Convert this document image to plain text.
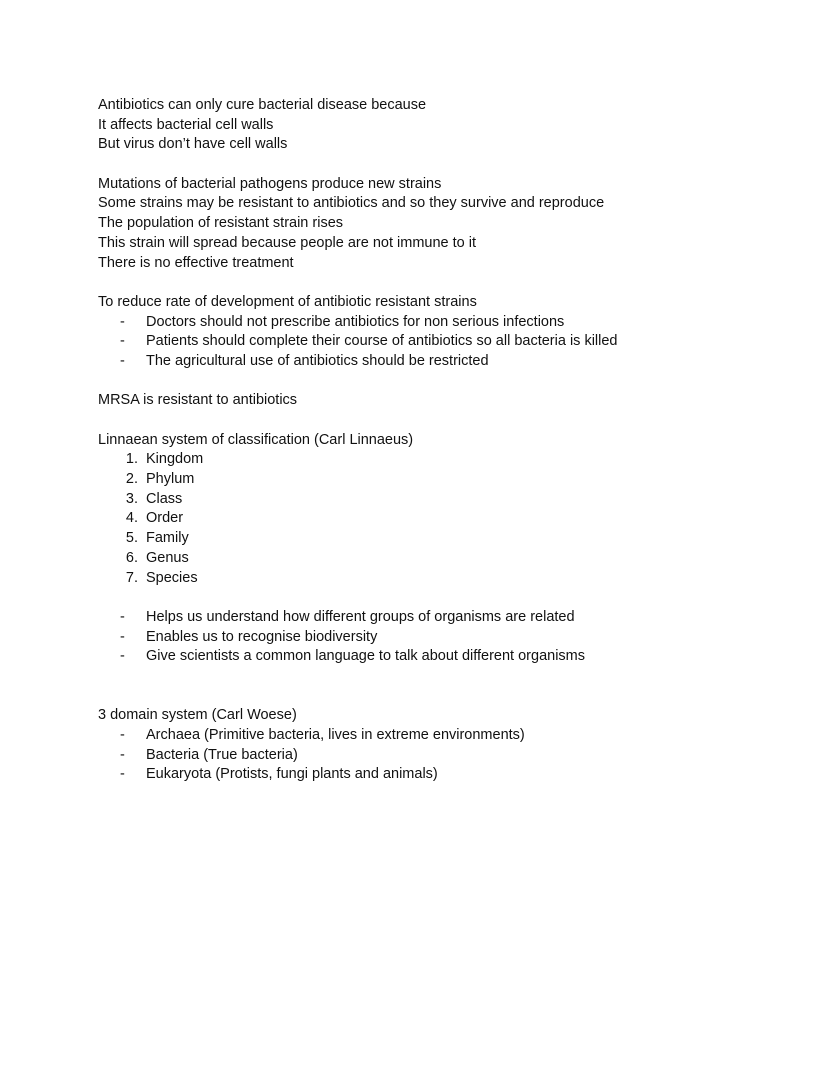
Antibiotics can only cure bacterial disease because
It affects bacterial cell walls
But virus don’t have cell walls
Mutations of bacterial pathogens produce new strains
Some strains may be resistant to antibiotics and so they survive and reproduce
The population of resistant strain rises
This strain will spread because people are not immune to it
There is no effective treatment
To reduce rate of development of antibiotic resistant strains
-	Doctors should not prescribe antibiotics for non serious infections
-	Patients should complete their course of antibiotics so all bacteria is killed
-	The agricultural use of antibiotics should be restricted
MRSA is resistant to antibiotics
Linnaean system of classification (Carl Linnaeus)
1. Kingdom
2. Phylum
3. Class
4. Order
5. Family
6. Genus
7. Species
-	Helps us understand how different groups of organisms are related
-	Enables us to recognise biodiversity
-	Give scientists a common language to talk about different organisms
3 domain system (Carl Woese)
-	Archaea (Primitive bacteria, lives in extreme environments)
-	Bacteria (True bacteria)
-	Eukaryota (Protists, fungi plants and animals)
